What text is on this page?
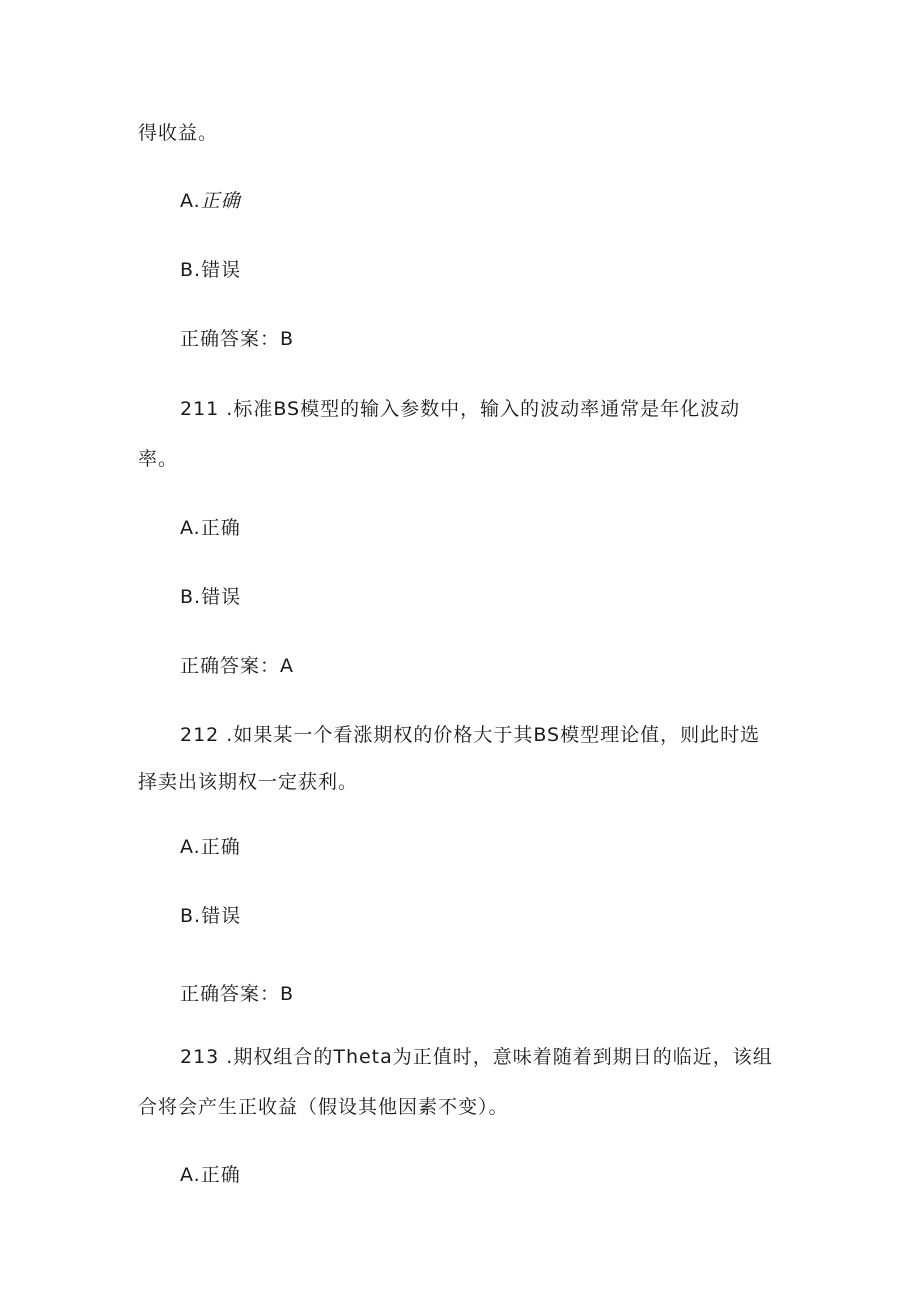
得收益。
A.正确
B.错误
正确答案：B
211 .标准BS模型的输入参数中，输入的波动率通常是年化波动
率。
A.正确
B.错误
正确答案：A
212 .如果某一个看涨期权的价格大于其BS模型理论值，则此时选
择卖出该期权一定获利。
A.正确
B.错误
正确答案：B
213 .期权组合的Theta为正值时，意味着随着到期日的临近，该组
合将会产生正收益（假设其他因素不变）。
A.正确
